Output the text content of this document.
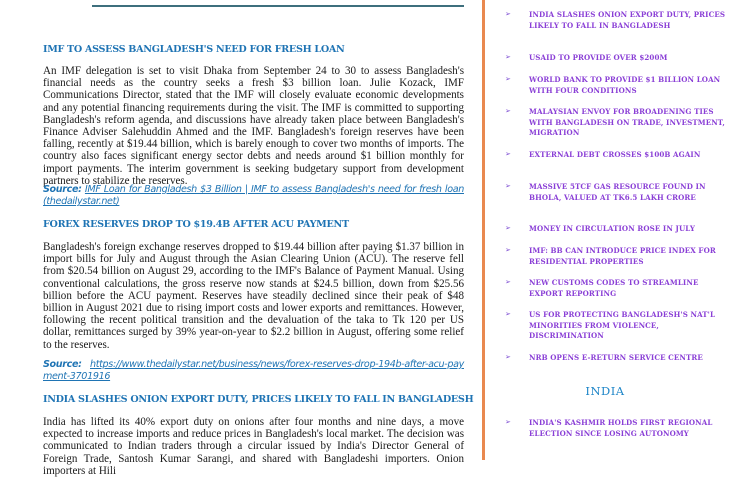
IMF TO ASSESS BANGLADESH'S NEED FOR FRESH LOAN
An IMF delegation is set to visit Dhaka from September 24 to 30 to assess Bangladesh's financial needs as the country seeks a fresh $3 billion loan. Julie Kozack, IMF Communications Director, stated that the IMF will closely evaluate economic developments and any potential financing requirements during the visit. The IMF is committed to supporting Bangladesh's reform agenda, and discussions have already taken place between Bangladesh's Finance Adviser Salehuddin Ahmed and the IMF. Bangladesh's foreign reserves have been falling, recently at $19.44 billion, which is barely enough to cover two months of imports. The country also faces significant energy sector debts and needs around $1 billion monthly for import payments. The interim government is seeking budgetary support from development partners to stabilize the reserves.
Source: IMF Loan for Bangladesh $3 Billion | IMF to assess Bangladesh's need for fresh loan (thedailystar.net)
FOREX RESERVES DROP TO $19.4B AFTER ACU PAYMENT
Bangladesh's foreign exchange reserves dropped to $19.44 billion after paying $1.37 billion in import bills for July and August through the Asian Clearing Union (ACU). The reserve fell from $20.54 billion on August 29, according to the IMF's Balance of Payment Manual. Using conventional calculations, the gross reserve now stands at $24.5 billion, down from $25.56 billion before the ACU payment. Reserves have steadily declined since their peak of $48 billion in August 2021 due to rising import costs and lower exports and remittances. However, following the recent political transition and the devaluation of the taka to Tk 120 per US dollar, remittances surged by 39% year-on-year to $2.2 billion in August, offering some relief to the reserves.
Source: https://www.thedailystar.net/business/news/forex-reserves-drop-194b-after-acu-payment-3701916
INDIA SLASHES ONION EXPORT DUTY, PRICES LIKELY TO FALL IN BANGLADESH
India has lifted its 40% export duty on onions after four months and nine days, a move expected to increase imports and reduce prices in Bangladesh's local market. The decision was communicated to Indian traders through a circular issued by India's Director General of Foreign Trade, Santosh Kumar Sarangi, and shared with Bangladeshi importers. Onion importers at Hili
➢	INDIA SLASHES ONION EXPORT DUTY, PRICES LIKELY TO FALL IN BANGLADESH
➢	USAID TO PROVIDE OVER $200M
➢	WORLD BANK TO PROVIDE $1 BILLION LOAN WITH FOUR CONDITIONS
➢	MALAYSIAN ENVOY FOR BROADENING TIES WITH BANGLADESH ON TRADE, INVESTMENT, MIGRATION
➢	EXTERNAL DEBT CROSSES $100B AGAIN
➢	MASSIVE 5TCF GAS RESOURCE FOUND IN BHOLA, VALUED AT TK6.5 LAKH CRORE
➢	MONEY IN CIRCULATION ROSE IN JULY
➢	IMF: BB CAN INTRODUCE PRICE INDEX FOR RESIDENTIAL PROPERTIES
➢	NEW CUSTOMS CODES TO STREAMLINE EXPORT REPORTING
➢	US FOR PROTECTING BANGLADESH'S NAT'L MINORITIES FROM VIOLENCE, DISCRIMINATION
➢	NRB OPENS E-RETURN SERVICE CENTRE
INDIA
➢	INDIA'S KASHMIR HOLDS FIRST REGIONAL ELECTION SINCE LOSING AUTONOMY
